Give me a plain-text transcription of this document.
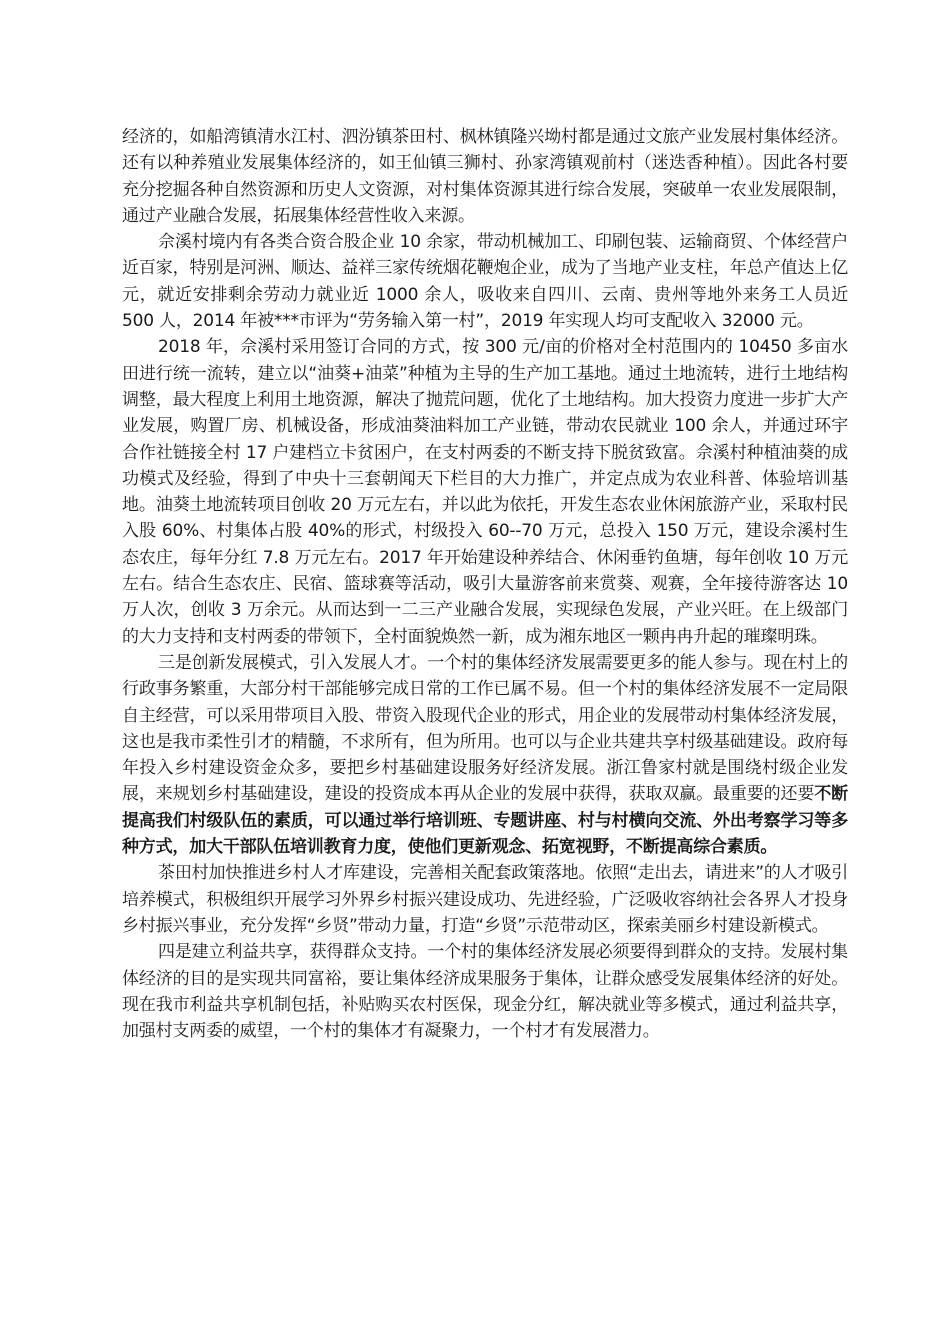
经济的，如船湾镇清水江村、泗汾镇茶田村、枫林镇隆兴坳村都是通过文旅产业发展村集体经济。还有以种养殖业发展集体经济的，如王仙镇三狮村、孙家湾镇观前村（迷迭香种植）。因此各村要充分挖掘各种自然资源和历史人文资源，对村集体资源其进行综合发展，突破单一农业发展限制，通过产业融合发展，拓展集体经营性收入来源。

佘溪村境内有各类合资合股企业 10 余家，带动机械加工、印刷包装、运输商贸、个体经营户近百家，特别是河洲、顺达、益祥三家传统烟花鞭炮企业，成为了当地产业支柱，年总产值达上亿元，就近安排剩余劳动力就业近 1000 余人，吸收来自四川、云南、贵州等地外来务工人员近 500 人，2014 年被***市评为“劳务输入第一村”，2019 年实现人均可支配收入 32000 元。

2018 年，佘溪村采用签订合同的方式，按 300 元/亩的价格对全村范围内的 10450 多亩水田进行统一流转，建立以“油葵+油菜”种植为主导的生产加工基地。通过土地流转，进行土地结构调整，最大程度上利用土地资源，解决了抛荒问题，优化了土地结构。加大投资力度进一步扩大产业发展，购置厂房、机械设备，形成油葵油料加工产业链，带动农民就业 100 余人，并通过环宇合作社链接全村 17 户建档立卡贫困户，在支村两委的不断支持下脱贫致富。佘溪村种植油葵的成功模式及经验，得到了中央十三套朝闻天下栏目的大力推广，并定点成为农业科普、体验培训基地。油葵土地流转项目创收 20 万元左右，并以此为依托，开发生态农业休闲旅游产业，采取村民入股 60%、村集体占股 40%的形式，村级投入 60--70 万元，总投入 150 万元，建设佘溪村生态农庄，每年分红 7.8 万元左右。2017 年开始建设种养结合、休闲垂钓鱼塘，每年创收 10 万元左右。结合生态农庄、民宿、篮球赛等活动，吸引大量游客前来赏葵、观赛，全年接待游客达 10 万人次，创收 3 万余元。从而达到一二三产业融合发展，实现绿色发展，产业兴旺。在上级部门的大力支持和支村两委的带领下，全村面貌焕然一新，成为湘东地区一颗冉冉升起的璀璨明珠。

三是创新发展模式，引入发展人才。一个村的集体经济发展需要更多的能人参与。现在村上的行政事务繁重，大部分村干部能够完成日常的工作已属不易。但一个村的集体经济发展不一定局限自主经营，可以采用带项目入股、带资入股现代企业的形式，用企业的发展带动村集体经济发展，这也是我市柔性引才的精髓，不求所有，但为所用。也可以与企业共建共享村级基础建设。政府每年投入乡村建设资金众多，要把乡村基础建设服务好经济发展。浙江鲁家村就是围绕村级企业发展，来规划乡村基础建设，建设的投资成本再从企业的发展中获得，获取双赢。最重要的还要不断提高我们村级队伍的素质，可以通过举行培训班、专题讲座、村与村横向交流、外出考察学习等多种方式，加大干部队伍培训教育力度，使他们更新观念、拓宽视野，不断提高综合素质。

茶田村加快推进乡村人才库建设，完善相关配套政策落地。依照“走出去，请进来”的人才吸引培养模式，积极组织开展学习外界乡村振兴建设成功、先进经验，广泛吸收容纳社会各界人才投身乡村振兴事业，充分发挥“乡贤”带动力量，打造“乡贤”示范带动区，探索美丽乡村建设新模式。

四是建立利益共享，获得群众支持。一个村的集体经济发展必须要得到群众的支持。发展村集体经济的目的是实现共同富裕，要让集体经济成果服务于集体，让群众感受发展集体经济的好处。现在我市利益共享机制包括，补贴购买农村医保，现金分红，解决就业等多模式，通过利益共享，加强村支两委的威望，一个村的集体才有凝聚力，一个村才有发展潜力。
